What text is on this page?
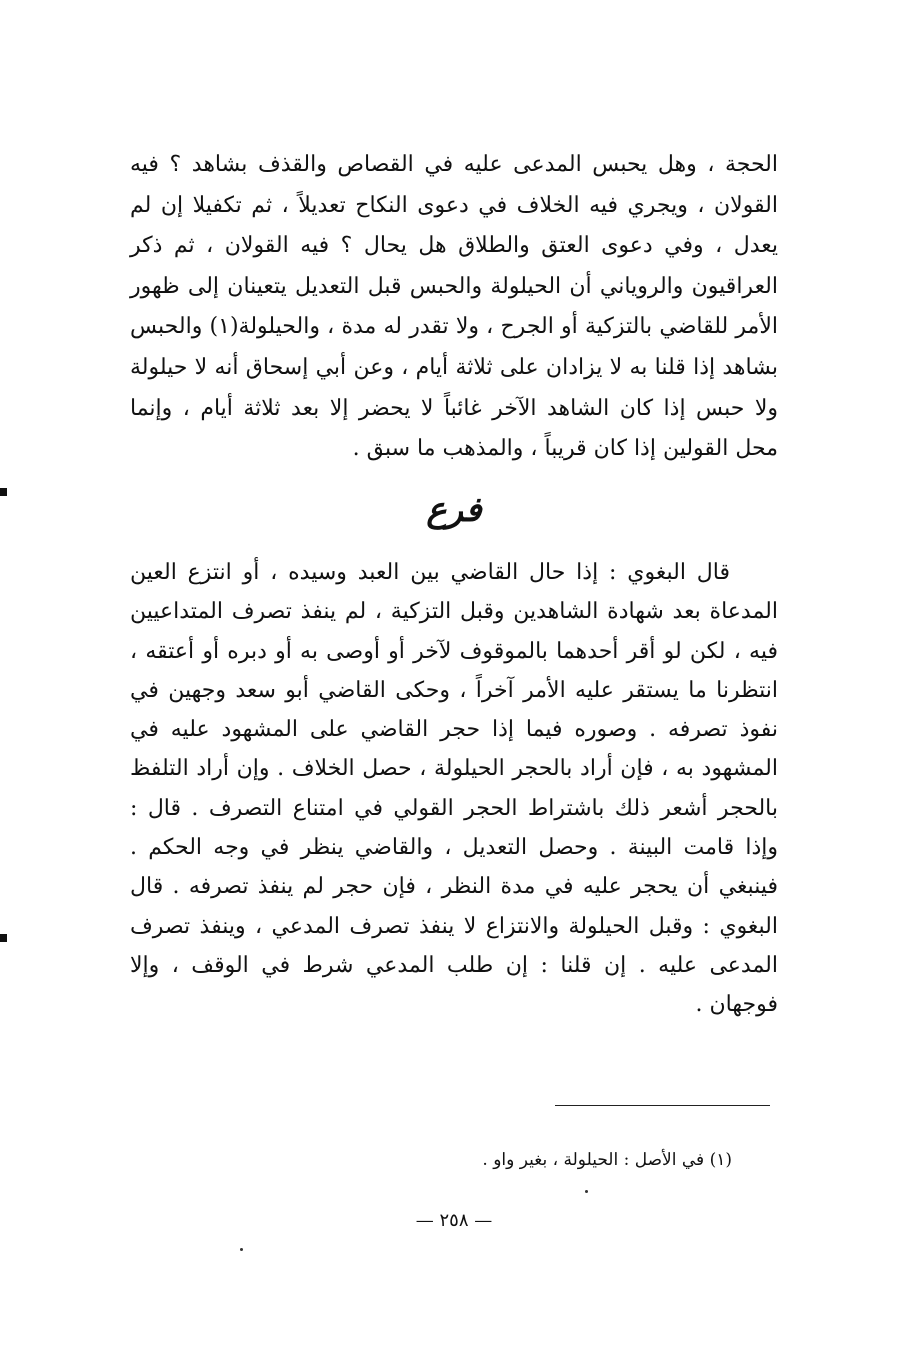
الحجة ، وهل يحبس المدعى عليه في القصاص والقذف بشاهد ؟ فيه القولان ، ويجري فيه الخلاف في دعوى النكاح تعديلاً ، ثم تكفيلا إن لم يعدل ، وفي دعوى العتق والطلاق هل يحال ؟ فيه القولان ، ثم ذكر العراقيون والروياني أن الحيلولة والحبس قبل التعديل يتعينان إلى ظهور الأمر للقاضي بالتزكية أو الجرح ، ولا تقدر له مدة ، والحيلولة(١) والحبس بشاهد إذا قلنا به لا يزادان على ثلاثة أيام ، وعن أبي إسحاق أنه لا حيلولة ولا حبس إذا كان الشاهد الآخر غائباً لا يحضر إلا بعد ثلاثة أيام ، وإنما محل القولين إذا كان قريباً ، والمذهب ما سبق .

فرع

قال البغوي : إذا حال القاضي بين العبد وسيده ، أو انتزع العين المدعاة بعد شهادة الشاهدين وقبل التزكية ، لم ينفذ تصرف المتداعيين فيه ، لكن لو أقر أحدهما بالموقوف لآخر أو أوصى به أو دبره أو أعتقه ، انتظرنا ما يستقر عليه الأمر آخراً ، وحكى القاضي أبو سعد وجهين في نفوذ تصرفه . وصوره فيما إذا حجر القاضي على المشهود عليه في المشهود به ، فإن أراد بالحجر الحيلولة ، حصل الخلاف . وإن أراد التلفظ بالحجر أشعر ذلك باشتراط الحجر القولي في امتناع التصرف . قال : وإذا قامت البينة . وحصل التعديل ، والقاضي ينظر في وجه الحكم . فينبغي أن يحجر عليه في مدة النظر ، فإن حجر لم ينفذ تصرفه . قال البغوي : وقبل الحيلولة والانتزاع لا ينفذ تصرف المدعي ، وينفذ تصرف المدعى عليه . إن قلنا : إن طلب المدعي شرط في الوقف ، وإلا فوجهان .

(١) في الأصل : الحيلولة ، بغير واو .

— ٢٥٨ —
